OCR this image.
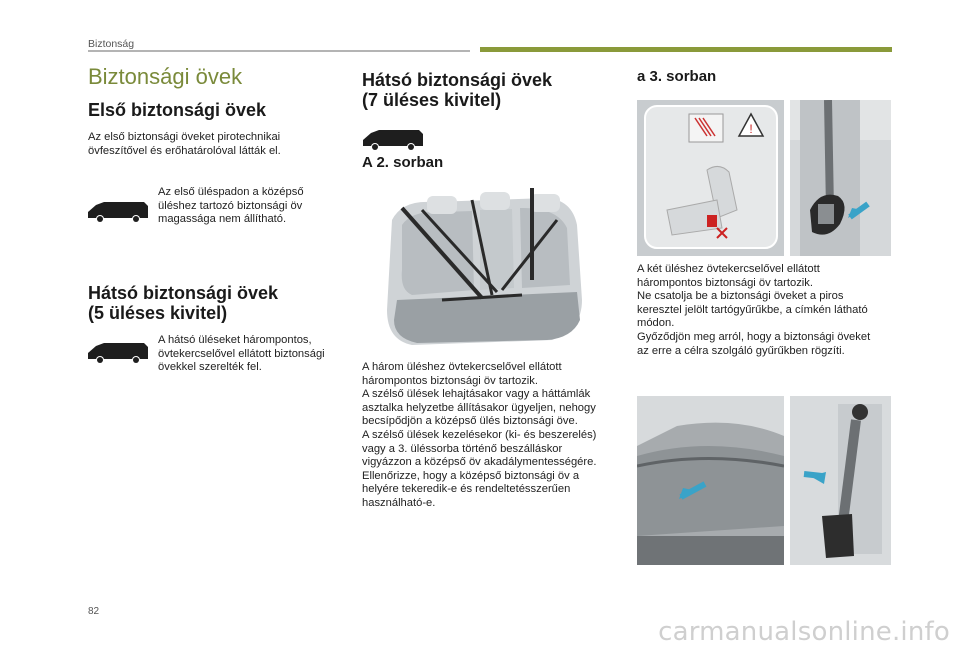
Biztonság
Biztonsági övek
Első biztonsági övek
Az első biztonsági öveket pirotechnikai
övfeszítővel és erőhatárolóval látták el.
Az első üléspadon a középső
üléshez tartozó biztonsági öv
magassága nem állítható.
Hátsó biztonsági övek
(5 üléses kivitel)
A hátsó üléseket hárompontos,
övtekercselővel ellátott biztonsági
övekkel szerelték fel.
Hátsó biztonsági övek
(7 üléses kivitel)
A 2. sorban
A három üléshez övtekercselővel ellátott
hárompontos biztonsági öv tartozik.
A szélső ülések lehajtásakor vagy a háttámlák
asztalka helyzetbe állításakor ügyeljen, nehogy
becsípődjön a középső ülés biztonsági öve.
A szélső ülések kezelésekor (ki- és beszerelés)
vagy a 3. üléssorba történő beszálláskor
vigyázzon a középső öv akadálymentességére.
Ellenőrizze, hogy a középső biztonsági öv a
helyére tekeredik-e és rendeltetésszerűen
használható-e.
a 3. sorban
!
A két üléshez övtekercselővel ellátott
hárompontos biztonsági öv tartozik.
Ne csatolja be a biztonsági öveket a piros
keresztel jelölt tartógyűrűkbe, a címkén látható
módon.
Győződjön meg arról, hogy a biztonsági öveket
az erre a célra szolgáló gyűrűkben rögzíti.
82
carmanualsonline.info
